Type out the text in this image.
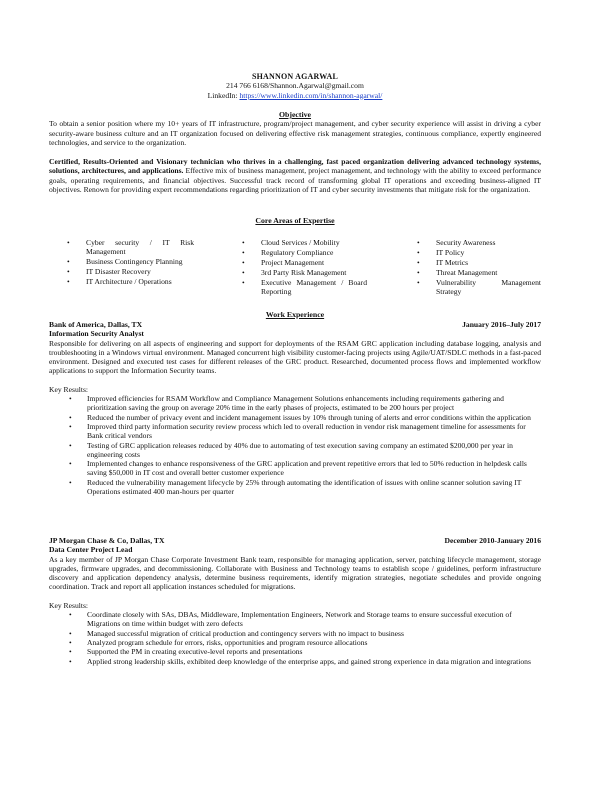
SHANNON AGARWAL
214 766 6168/Shannon.Agarwal@gmail.com
LinkedIn: https://www.linkedin.com/in/shannon-agarwal/
Objective
To obtain a senior position where my 10+ years of IT infrastructure, program/project management, and cyber security experience will assist in driving a cyber security-aware business culture and an IT organization focused on delivering effective risk management strategies, continuous compliance, expertly engineered technologies, and service to the organization.
Certified, Results-Oriented and Visionary technician who thrives in a challenging, fast paced organization delivering advanced technology systems, solutions, architectures, and applications. Effective mix of business management, project management, and technology with the ability to exceed performance goals, operating requirements, and financial objectives. Successful track record of transforming global IT operations and exceeding business-aligned IT objectives. Renown for providing expert recommendations regarding prioritization of IT and cyber security investments that mitigate risk for the organization.
Core Areas of Expertise
• Cyber security / IT Risk Management
• Business Contingency Planning
• IT Disaster Recovery
• IT Architecture / Operations
• Cloud Services / Mobility
• Regulatory Compliance
• Project Management
• 3rd Party Risk Management
• Executive Management / Board Reporting
• Security Awareness
• IT Policy
• IT Metrics
• Threat Management
• Vulnerability Management Strategy
Work Experience
Bank of America, Dallas, TX	January 2016–July 2017
Information Security Analyst
Responsible for delivering on all aspects of engineering and support for deployments of the RSAM GRC application including database logging, analysis and troubleshooting in a Windows virtual environment. Managed concurrent high visibility customer-facing projects using Agile/UAT/SDLC methods in a fast-paced environment. Designed and executed test cases for different releases of the GRC product. Researched, documented process flows and implemented workflow applications to support the Information Security teams.
Key Results:
• Improved efficiencies for RSAM Workflow and Compliance Management Solutions enhancements including requirements gathering and prioritization saving the group on average 20% time in the early phases of projects, estimated to be 200 hours per project
• Reduced the number of privacy event and incident management issues by 10% through tuning of alerts and error conditions within the application
• Improved third party information security review process which led to overall reduction in vendor risk management timeline for assessments for Bank critical vendors
• Testing of GRC application releases reduced by 40% due to automating of test execution saving company an estimated $200,000 per year in engineering costs
• Implemented changes to enhance responsiveness of the GRC application and prevent repetitive errors that led to 50% reduction in helpdesk calls saving $50,000 in IT cost and overall better customer experience
• Reduced the vulnerability management lifecycle by 25% through automating the identification of issues with online scanner solution saving IT Operations estimated 400 man-hours per quarter
JP Morgan Chase & Co, Dallas, TX	December 2010-January 2016
Data Center Project Lead
As a key member of JP Morgan Chase Corporate Investment Bank team, responsible for managing application, server, patching lifecycle management, storage upgrades, firmware upgrades, and decommissioning. Collaborate with Business and Technology teams to establish scope / guidelines, perform infrastructure discovery and application dependency analysis, determine business requirements, identify migration strategies, negotiate schedules and provide ongoing coordination. Track and report all application instances scheduled for migrations.
Key Results:
• Coordinate closely with SAs, DBAs, Middleware, Implementation Engineers, Network and Storage teams to ensure successful execution of Migrations on time within budget with zero defects
• Managed successful migration of critical production and contingency servers with no impact to business
• Analyzed program schedule for errors, risks, opportunities and program resource allocations
• Supported the PM in creating executive-level reports and presentations
• Applied strong leadership skills, exhibited deep knowledge of the enterprise apps, and gained strong experience in data migration and integrations
